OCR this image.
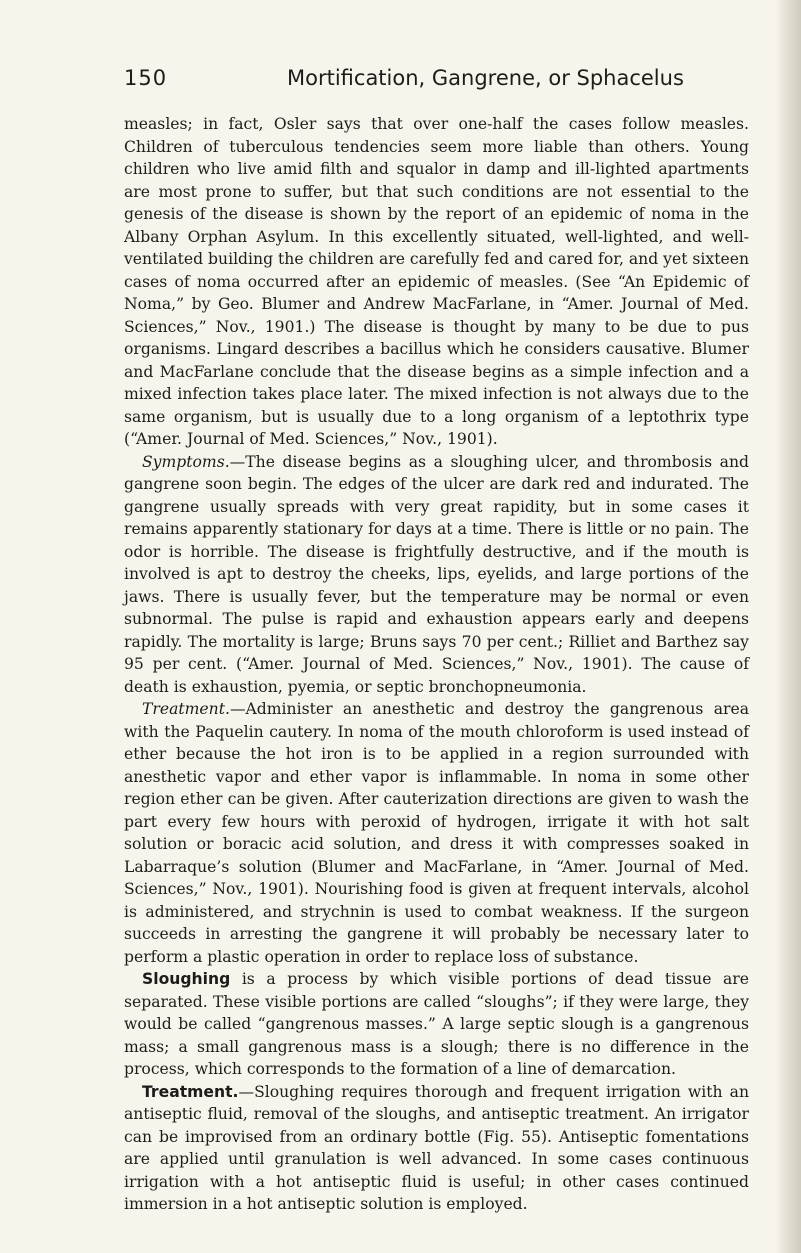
150	Mortification, Gangrene, or Sphacelus

measles; in fact, Osler says that over one-half the cases follow measles. Children of tuberculous tendencies seem more liable than others. Young children who live amid filth and squalor in damp and ill-lighted apartments are most prone to suffer, but that such conditions are not essential to the genesis of the disease is shown by the report of an epidemic of noma in the Albany Orphan Asylum. In this excellently situated, well-lighted, and well-ventilated building the children are carefully fed and cared for, and yet sixteen cases of noma occurred after an epidemic of measles. (See “An Epidemic of Noma,” by Geo. Blumer and Andrew MacFarlane, in “Amer. Journal of Med. Sciences,” Nov., 1901.) The disease is thought by many to be due to pus organisms. Lingard describes a bacillus which he considers causative. Blumer and MacFarlane conclude that the disease begins as a simple infection and a mixed infection takes place later. The mixed infection is not always due to the same organism, but is usually due to a long organism of a leptothrix type (“Amer. Journal of Med. Sciences,” Nov., 1901).

Symptoms.—The disease begins as a sloughing ulcer, and thrombosis and gangrene soon begin. The edges of the ulcer are dark red and indurated. The gangrene usually spreads with very great rapidity, but in some cases it remains apparently stationary for days at a time. There is little or no pain. The odor is horrible. The disease is frightfully destructive, and if the mouth is involved is apt to destroy the cheeks, lips, eyelids, and large portions of the jaws. There is usually fever, but the temperature may be normal or even subnormal. The pulse is rapid and exhaustion appears early and deepens rapidly. The mortality is large; Bruns says 70 per cent.; Rilliet and Barthez say 95 per cent. (“Amer. Journal of Med. Sciences,” Nov., 1901). The cause of death is exhaustion, pyemia, or septic bronchopneumonia.

Treatment.—Administer an anesthetic and destroy the gangrenous area with the Paquelin cautery. In noma of the mouth chloroform is used instead of ether because the hot iron is to be applied in a region surrounded with anesthetic vapor and ether vapor is inflammable. In noma in some other region ether can be given. After cauterization directions are given to wash the part every few hours with peroxid of hydrogen, irrigate it with hot salt solution or boracic acid solution, and dress it with compresses soaked in Labarraque’s solution (Blumer and MacFarlane, in “Amer. Journal of Med. Sciences,” Nov., 1901). Nourishing food is given at frequent intervals, alcohol is administered, and strychnin is used to combat weakness. If the surgeon succeeds in arresting the gangrene it will probably be necessary later to perform a plastic operation in order to replace loss of substance.

Sloughing is a process by which visible portions of dead tissue are separated. These visible portions are called “sloughs”; if they were large, they would be called “gangrenous masses.” A large septic slough is a gangrenous mass; a small gangrenous mass is a slough; there is no difference in the process, which corresponds to the formation of a line of demarcation.

Treatment.—Sloughing requires thorough and frequent irrigation with an antiseptic fluid, removal of the sloughs, and antiseptic treatment. An irrigator can be improvised from an ordinary bottle (Fig. 55). Antiseptic fomentations are applied until granulation is well advanced. In some cases continuous irrigation with a hot antiseptic fluid is useful; in other cases continued immersion in a hot antiseptic solution is employed.
